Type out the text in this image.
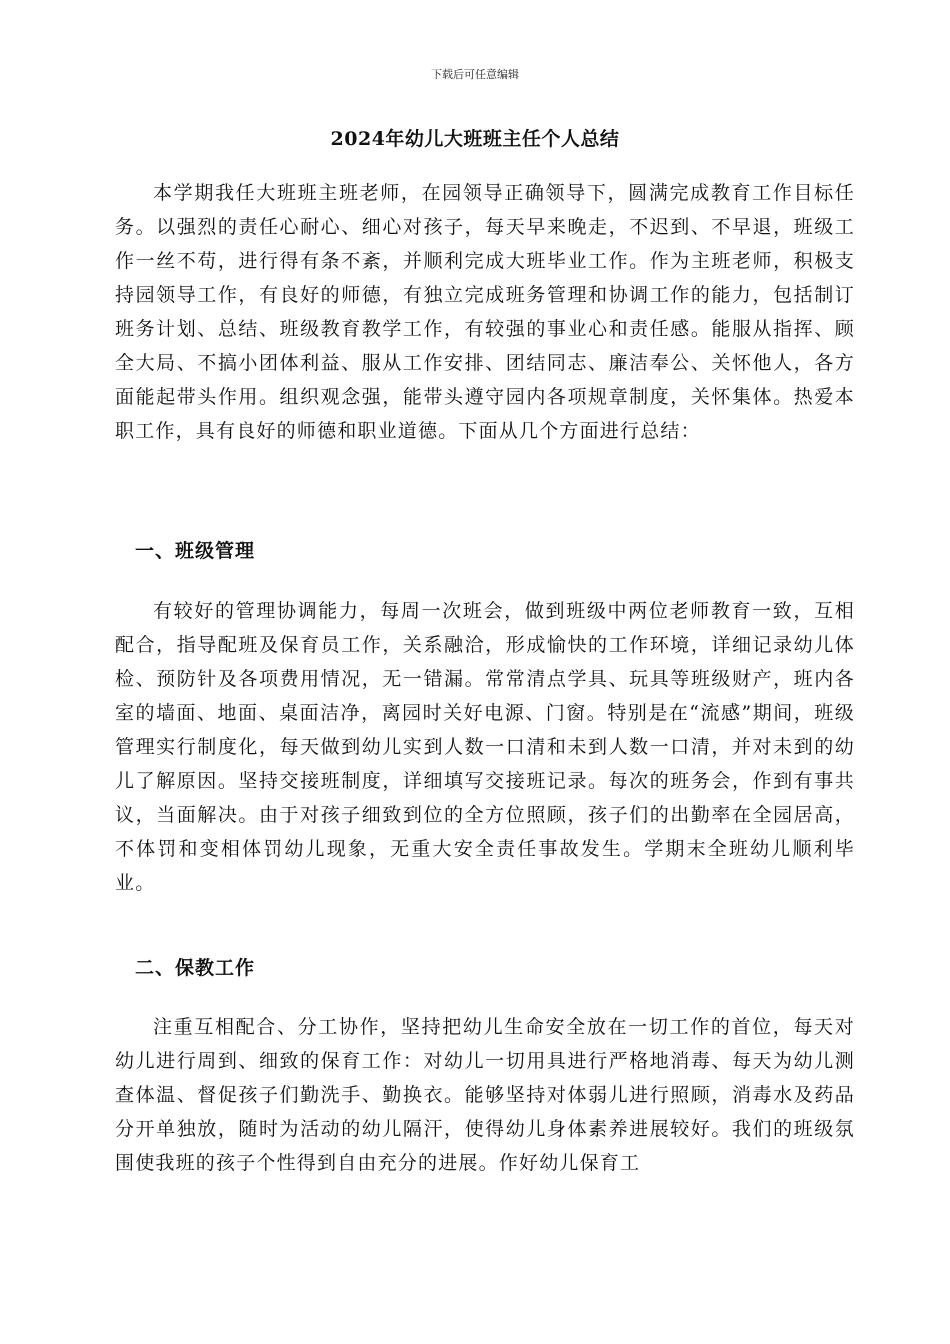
下载后可任意编辑
2024年幼儿大班班主任个人总结

本学期我任大班班主班老师，在园领导正确领导下，圆满完成教育工作目标任务。以强烈的责任心耐心、细心对孩子，每天早来晚走，不迟到、不早退，班级工作一丝不苟，进行得有条不紊，并顺利完成大班毕业工作。作为主班老师，积极支持园领导工作，有良好的师德，有独立完成班务管理和协调工作的能力，包括制订班务计划、总结、班级教育教学工作，有较强的事业心和责任感。能服从指挥、顾全大局、不搞小团体利益、服从工作安排、团结同志、廉洁奉公、关怀他人，各方面能起带头作用。组织观念强，能带头遵守园内各项规章制度，关怀集体。热爱本职工作，具有良好的师德和职业道德。下面从几个方面进行总结：

一、班级管理

有较好的管理协调能力，每周一次班会，做到班级中两位老师教育一致，互相配合，指导配班及保育员工作，关系融洽，形成愉快的工作环境，详细记录幼儿体检、预防针及各项费用情况，无一错漏。常常清点学具、玩具等班级财产，班内各室的墙面、地面、桌面洁净，离园时关好电源、门窗。特别是在“流感”期间，班级管理实行制度化，每天做到幼儿实到人数一口清和未到人数一口清，并对未到的幼儿了解原因。坚持交接班制度，详细填写交接班记录。每次的班务会，作到有事共议，当面解决。由于对孩子细致到位的全方位照顾，孩子们的出勤率在全园居高，不体罚和变相体罚幼儿现象，无重大安全责任事故发生。学期末全班幼儿顺利毕业。

二、保教工作

注重互相配合、分工协作，坚持把幼儿生命安全放在一切工作的首位，每天对幼儿进行周到、细致的保育工作：对幼儿一切用具进行严格地消毒、每天为幼儿测查体温、督促孩子们勤洗手、勤换衣。能够坚持对体弱儿进行照顾，消毒水及药品分开单独放，随时为活动的幼儿隔汗，使得幼儿身体素养进展较好。我们的班级氛围使我班的孩子个性得到自由充分的进展。作好幼儿保育工
